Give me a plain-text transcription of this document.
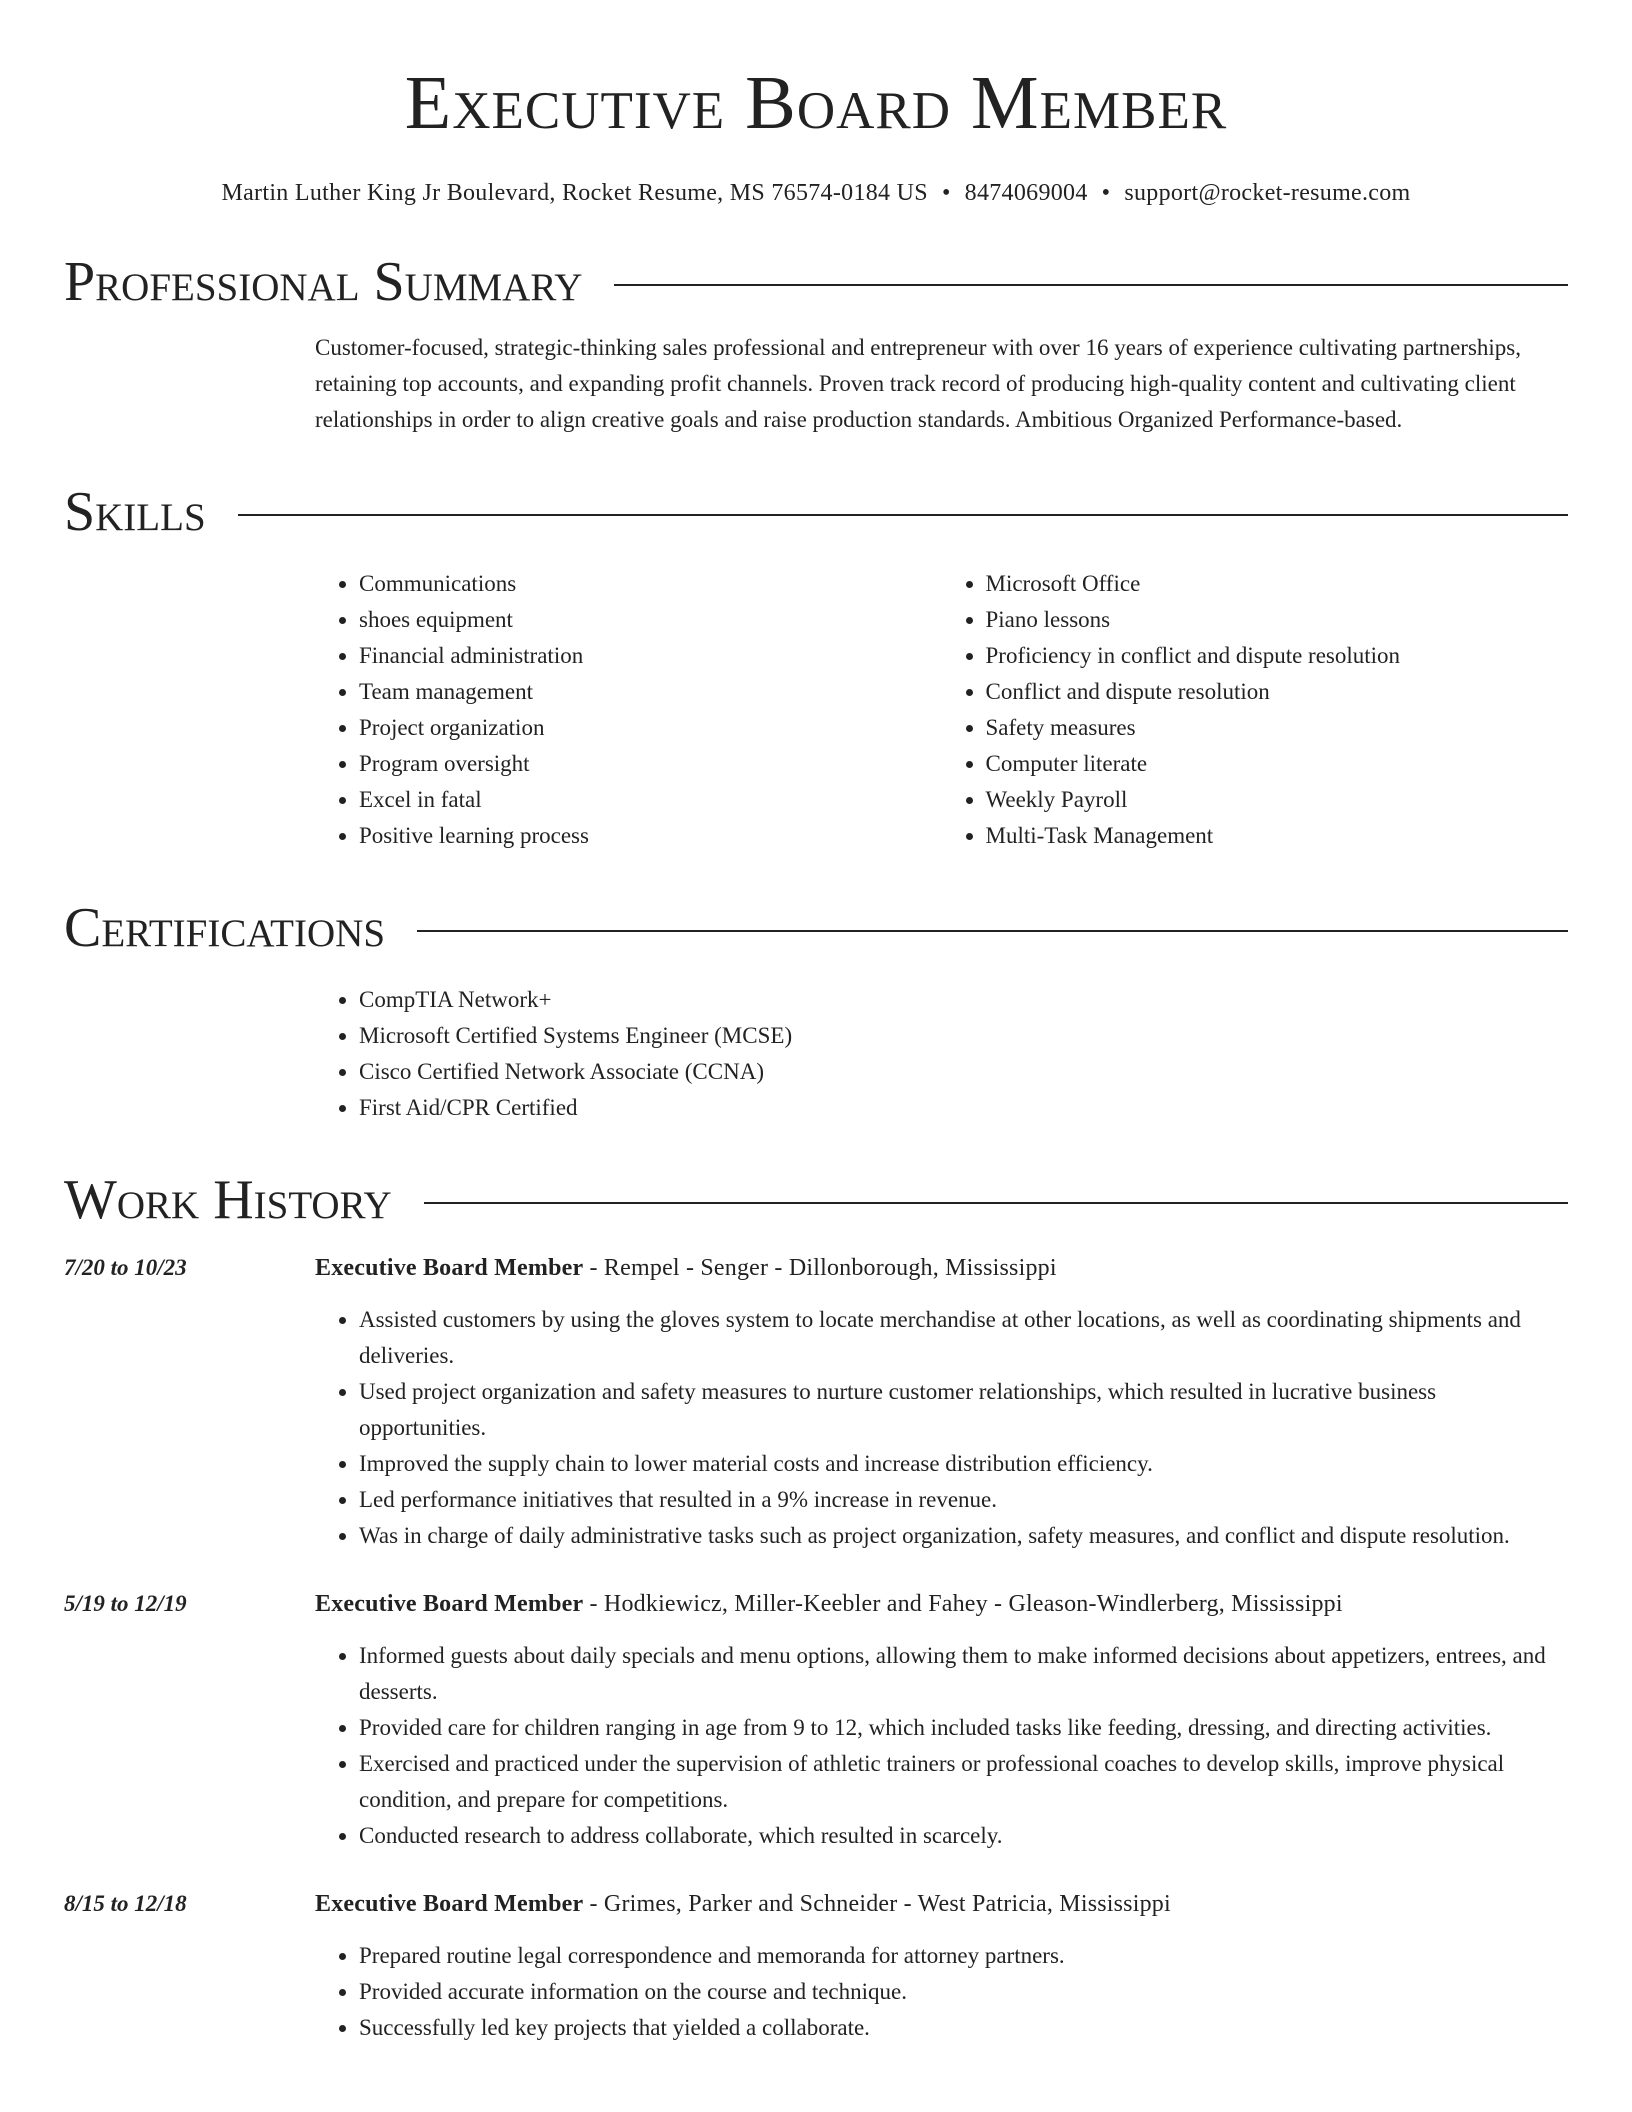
Executive Board Member
Martin Luther King Jr Boulevard, Rocket Resume, MS 76574-0184 US • 8474069004 • support@rocket-resume.com
Professional Summary
Customer-focused, strategic-thinking sales professional and entrepreneur with over 16 years of experience cultivating partnerships, retaining top accounts, and expanding profit channels. Proven track record of producing high-quality content and cultivating client relationships in order to align creative goals and raise production standards. Ambitious Organized Performance-based.
Skills
• Communications
• shoes equipment
• Financial administration
• Team management
• Project organization
• Program oversight
• Excel in fatal
• Positive learning process
• Microsoft Office
• Piano lessons
• Proficiency in conflict and dispute resolution
• Conflict and dispute resolution
• Safety measures
• Computer literate
• Weekly Payroll
• Multi-Task Management
Certifications
• CompTIA Network+
• Microsoft Certified Systems Engineer (MCSE)
• Cisco Certified Network Associate (CCNA)
• First Aid/CPR Certified
Work History
7/20 to 10/23	Executive Board Member - Rempel - Senger - Dillonborough, Mississippi
• Assisted customers by using the gloves system to locate merchandise at other locations, as well as coordinating shipments and deliveries.
• Used project organization and safety measures to nurture customer relationships, which resulted in lucrative business opportunities.
• Improved the supply chain to lower material costs and increase distribution efficiency.
• Led performance initiatives that resulted in a 9% increase in revenue.
• Was in charge of daily administrative tasks such as project organization, safety measures, and conflict and dispute resolution.
5/19 to 12/19	Executive Board Member - Hodkiewicz, Miller-Keebler and Fahey - Gleason-Windlerberg, Mississippi
• Informed guests about daily specials and menu options, allowing them to make informed decisions about appetizers, entrees, and desserts.
• Provided care for children ranging in age from 9 to 12, which included tasks like feeding, dressing, and directing activities.
• Exercised and practiced under the supervision of athletic trainers or professional coaches to develop skills, improve physical condition, and prepare for competitions.
• Conducted research to address collaborate, which resulted in scarcely.
8/15 to 12/18	Executive Board Member - Grimes, Parker and Schneider - West Patricia, Mississippi
• Prepared routine legal correspondence and memoranda for attorney partners.
• Provided accurate information on the course and technique.
• Successfully led key projects that yielded a collaborate.
